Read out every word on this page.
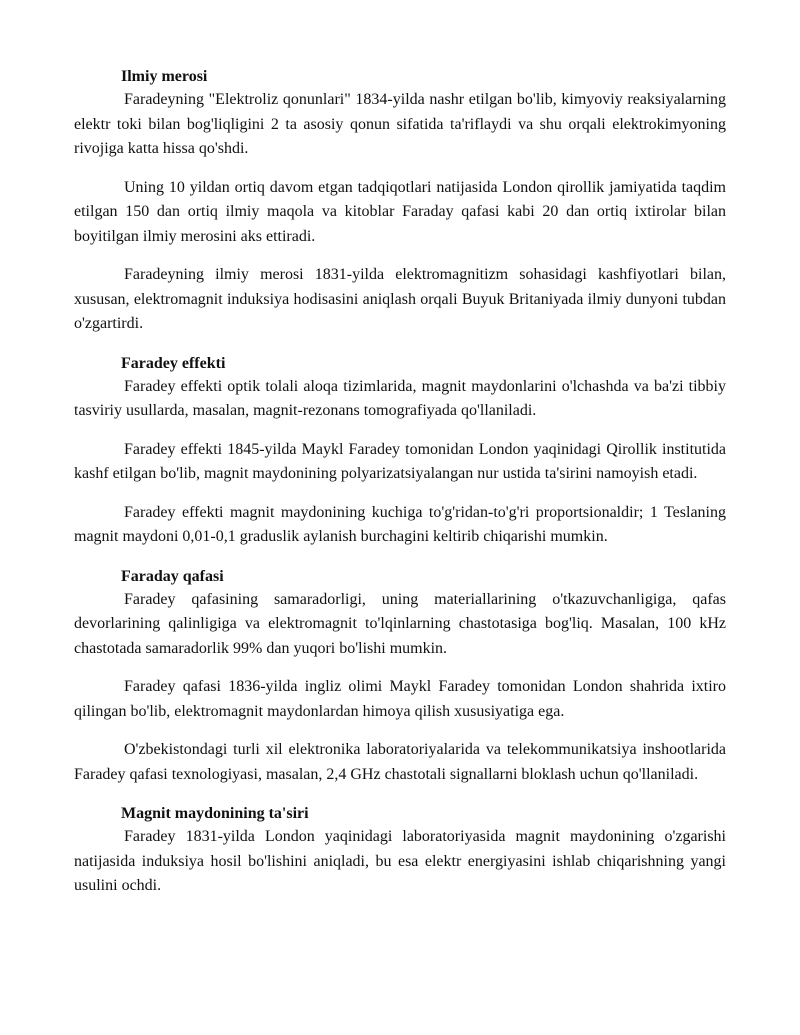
Ilmiy merosi

Faradeyning "Elektroliz qonunlari" 1834-yilda nashr etilgan bo'lib, kimyoviy reaksiyalarning elektr toki bilan bog'liqligini 2 ta asosiy qonun sifatida ta'riflaydi va shu orqali elektrokimyoning rivojiga katta hissa qo'shdi.

Uning 10 yildan ortiq davom etgan tadqiqotlari natijasida London qirollik jamiyatida taqdim etilgan 150 dan ortiq ilmiy maqola va kitoblar Faraday qafasi kabi 20 dan ortiq ixtirolar bilan boyitilgan ilmiy merosini aks ettiradi.

Faradeyning ilmiy merosi 1831-yilda elektromagnitizm sohasidagi kashfiyotlari bilan, xususan, elektromagnit induksiya hodisasini aniqlash orqali Buyuk Britaniyada ilmiy dunyoni tubdan o'zgartirdi.

Faradey effekti

Faradey effekti optik tolali aloqa tizimlarida, magnit maydonlarini o'lchashda va ba'zi tibbiy tasviriy usullarda, masalan, magnit-rezonans tomografiyada qo'llaniladi.

Faradey effekti 1845-yilda Maykl Faradey tomonidan London yaqinidagi Qirollik institutida kashf etilgan bo'lib, magnit maydonining polyarizatsiyalangan nur ustida ta'sirini namoyish etadi.

Faradey effekti magnit maydonining kuchiga to'g'ridan-to'g'ri proportsionaldir; 1 Teslaning magnit maydoni 0,01-0,1 graduslik aylanish burchagini keltirib chiqarishi mumkin.

Faraday qafasi

Faradey qafasining samaradorligi, uning materiallarining o'tkazuvchanligiga, qafas devorlarining qalinligiga va elektromagnit to'lqinlarning chastotasiga bog'liq. Masalan, 100 kHz chastotada samaradorlik 99% dan yuqori bo'lishi mumkin.

Faradey qafasi 1836-yilda ingliz olimi Maykl Faradey tomonidan London shahrida ixtiro qilingan bo'lib, elektromagnit maydonlardan himoya qilish xususiyatiga ega.

O'zbekistondagi turli xil elektronika laboratoriyalarida va telekommunikatsiya inshootlarida Faradey qafasi texnologiyasi, masalan, 2,4 GHz chastotali signallarni bloklash uchun qo'llaniladi.

Magnit maydonining ta'siri

Faradey 1831-yilda London yaqinidagi laboratoriyasida magnit maydonining o'zgarishi natijasida induksiya hosil bo'lishini aniqladi, bu esa elektr energiyasini ishlab chiqarishning yangi usulini ochdi.
